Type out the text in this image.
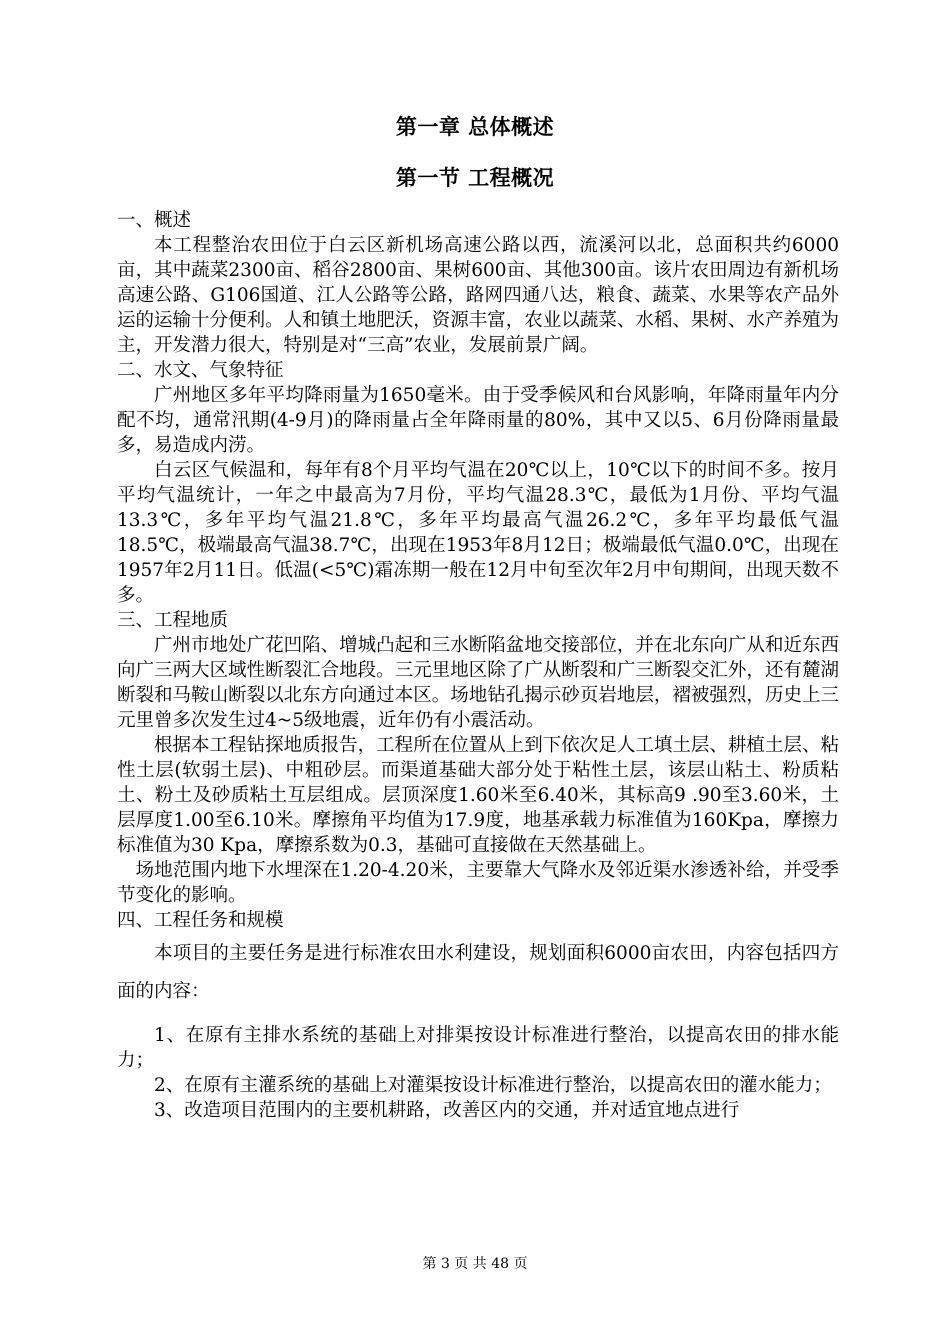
第一章 总体概述
第一节 工程概况

一、概述

本工程整治农田位于白云区新机场高速公路以西，流溪河以北，总面积共约6000亩，其中蔬菜2300亩、稻谷2800亩、果树600亩、其他300亩。该片农田周边有新机场高速公路、G106国道、江人公路等公路，路网四通八达，粮食、蔬菜、水果等农产品外运的运输十分便利。人和镇土地肥沃，资源丰富，农业以蔬菜、水稻、果树、水产养殖为主，开发潜力很大，特别是对“三高”农业，发展前景广阔。

二、水文、气象特征

广州地区多年平均降雨量为1650毫米。由于受季候风和台风影响，年降雨量年内分配不均，通常汛期(4-9月)的降雨量占全年降雨量的80%，其中又以5、6月份降雨量最多，易造成内涝。

白云区气候温和，每年有8个月平均气温在20℃以上，10℃以下的时间不多。按月平均气温统计，一年之中最高为7月份，平均气温28.3℃，最低为1月份、平均气温13.3℃，多年平均气温21.8℃，多年平均最高气温26.2℃，多年平均最低气温18.5℃，极端最高气温38.7℃，出现在1953年8月12日；极端最低气温0.0℃，出现在1957年2月11日。低温(<5℃)霜冻期一般在12月中旬至次年2月中旬期间，出现天数不多。

三、工程地质

广州市地处广花凹陷、增城凸起和三水断陷盆地交接部位，并在北东向广从和近东西向广三两大区域性断裂汇合地段。三元里地区除了广从断裂和广三断裂交汇外，还有麓湖断裂和马鞍山断裂以北东方向通过本区。场地钻孔揭示砂页岩地层，褶被强烈，历史上三元里曾多次发生过4~5级地震，近年仍有小震活动。

根据本工程钻探地质报告，工程所在位置从上到下依次足人工填土层、耕植土层、粘性土层(软弱土层)、中粗砂层。而渠道基础大部分处于粘性土层，该层山粘土、粉质粘土、粉土及砂质粘土互层组成。层顶深度1.60米至6.40米，其标高9 .90至3.60米，土层厚度1.00至6.10米。摩擦角平均值为17.9度，地基承载力标准值为160Kpa，摩擦力标准值为30 Kpa，摩擦系数为0.3，基础可直接做在天然基础上。

场地范围内地下水埋深在1.20-4.20米，主要靠大气降水及邻近渠水渗透补给，并受季节变化的影响。

四、工程任务和规模

本项目的主要任务是进行标准农田水利建设，规划面积6000亩农田，内容包括四方面的内容：

1、在原有主排水系统的基础上对排渠按设计标准进行整治，以提高农田的排水能力；

2、在原有主灌系统的基础上对灌渠按设计标准进行整治，以提高农田的灌水能力；

3、改造项目范围内的主要机耕路，改善区内的交通，并对适宜地点进行

第 3 页 共 48 页
